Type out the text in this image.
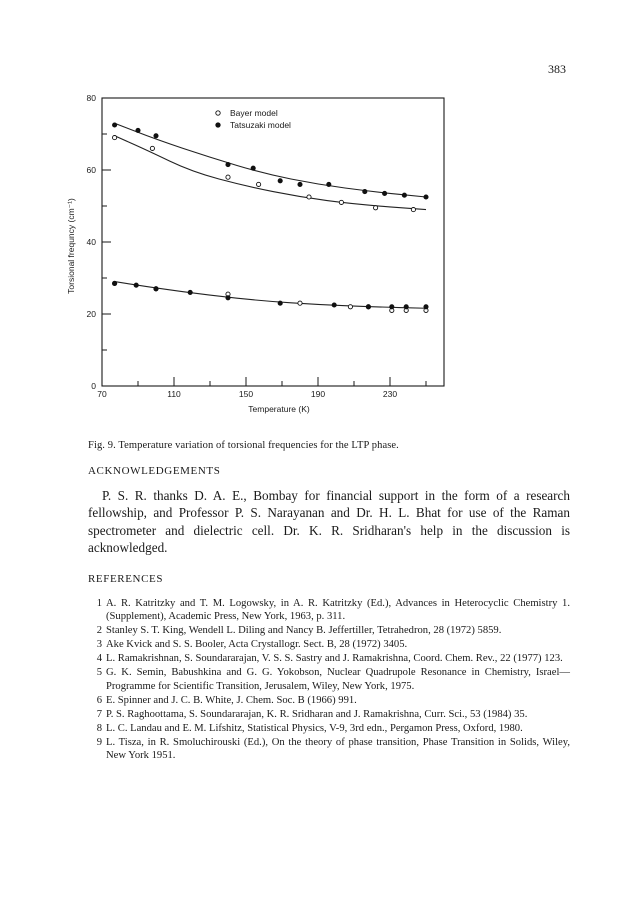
383
70	110	150	190	230
0
20
40
60
80
Temperature (K)
Torsional frequncy (cm⁻¹)
Bayer model
Tatsuzaki model
Fig. 9. Temperature variation of torsional frequencies for the LTP phase.
ACKNOWLEDGEMENTS
P. S. R. thanks D. A. E., Bombay for financial support in the form of a research fellowship, and Professor P. S. Narayanan and Dr. H. L. Bhat for use of the Raman spectrometer and dielectric cell. Dr. K. R. Sridharan's help in the discussion is acknowledged.
REFERENCES
1 A. R. Katritzky and T. M. Logowsky, in A. R. Katritzky (Ed.), Advances in Heterocyclic Chemistry 1. (Supplement), Academic Press, New York, 1963, p. 311.
2 Stanley S. T. King, Wendell L. Diling and Nancy B. Jeffertiller, Tetrahedron, 28 (1972) 5859.
3 Ake Kvick and S. S. Booler, Acta Crystallogr. Sect. B, 28 (1972) 3405.
4 L. Ramakrishnan, S. Soundararajan, V. S. S. Sastry and J. Ramakrishna, Coord. Chem. Rev., 22 (1977) 123.
5 G. K. Semin, Babushkina and G. G. Yokobson, Nuclear Quadrupole Resonance in Chemistry, Israel—Programme for Scientific Transition, Jerusalem, Wiley, New York, 1975.
6 E. Spinner and J. C. B. White, J. Chem. Soc. B (1966) 991.
7 P. S. Raghoottama, S. Soundararajan, K. R. Sridharan and J. Ramakrishna, Curr. Sci., 53 (1984) 35.
8 L. C. Landau and E. M. Lifshitz, Statistical Physics, V-9, 3rd edn., Pergamon Press, Oxford, 1980.
9 L. Tisza, in R. Smoluchirouski (Ed.), On the theory of phase transition, Phase Transition in Solids, Wiley, New York 1951.
